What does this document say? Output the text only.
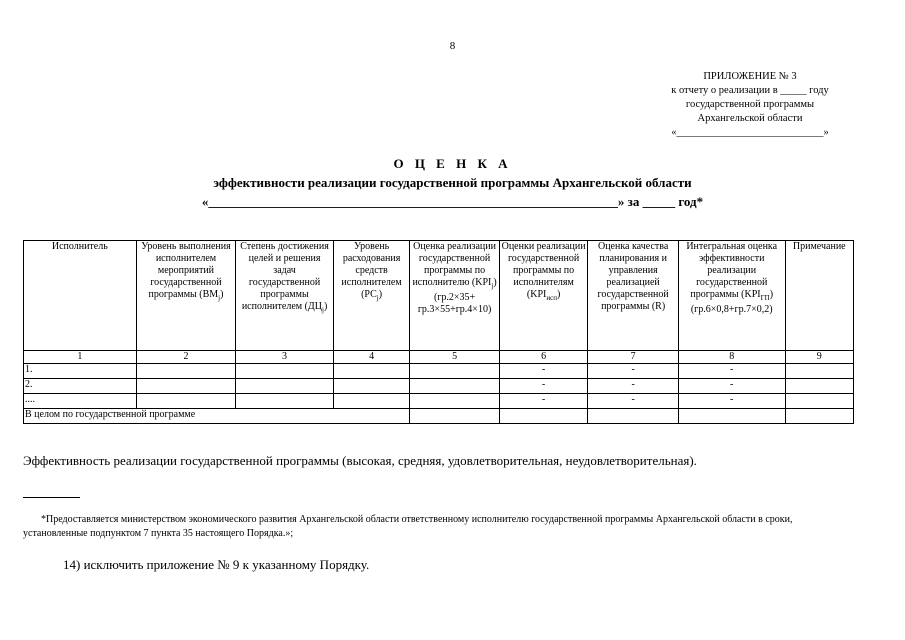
8
ПРИЛОЖЕНИЕ № 3
к отчету о реализации в _____ году
государственной программы
Архангельской области
«____________________________»
О Ц Е Н К А
эффективности реализации государственной программы Архангельской области
«_______________________________________________________________» за _____ год*
Исполнитель	Уровень выполнения исполнителем мероприятий государственной программы $(ВМ_j)$	Степень достижения целей и решения задач государственной программы исполнителем $(ДЦ_j)$	Уровень расходования средств исполнителем $(РС_j)$	Оценка реализации государственной программы по исполнителю $(KPI_j)$ (гр.2×35+ гр.3×55+гр.4×10)	Оценки реализации государственной программы по исполнителям $(KPI_{исп})$	Оценка качества планирования и управления реализацией государственной программы (R)	Интегральная оценка эффективности реализации государственной программы $(KPI_{ГП})$ (гр.6×0,8+гр.7×0,2)	Примечание
1	2	3	4	5	6	7	8	9
1.					-	-	-	
2.					-	-	-	
....					-	-	-	
В целом по государственной программе								
Эффективность реализации государственной программы (высокая, средняя, удовлетворительная, неудовлетворительная).
*Предоставляется министерством экономического развития Архангельской области ответственному исполнителю государственной программы Архангельской области в сроки, установленные подпунктом 7 пункта 35 настоящего Порядка.»;
14) исключить приложение № 9 к указанному Порядку.
